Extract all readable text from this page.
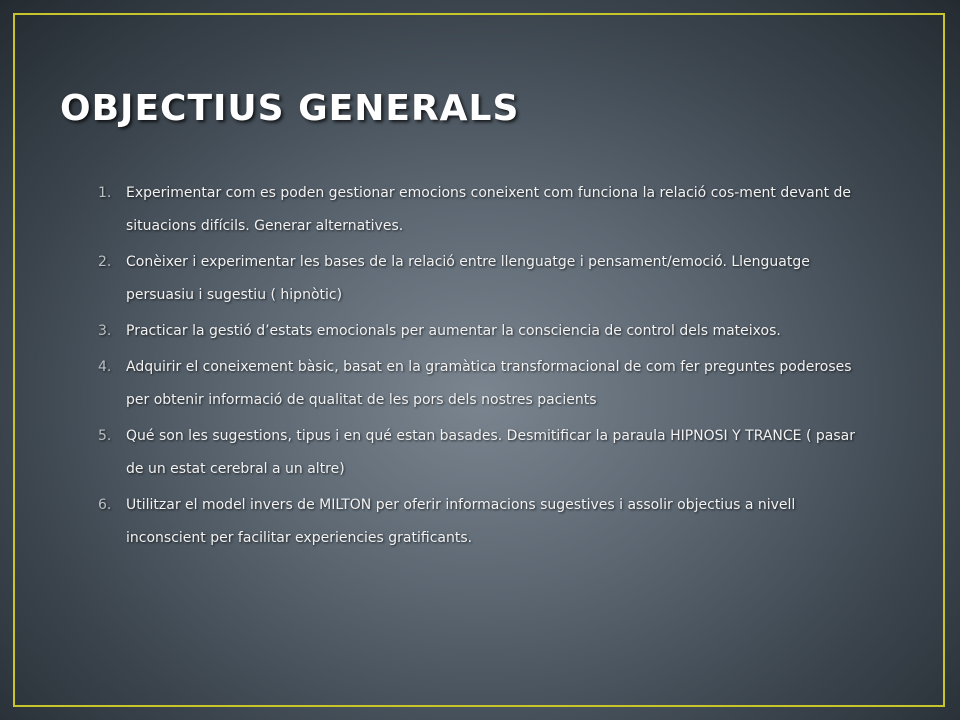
OBJECTIUS GENERALS
1. Experimentar com es poden gestionar emocions coneixent com funciona la relació cos-ment devant de situacions difícils. Generar alternatives.
2. Conèixer i experimentar les bases de la relació entre llenguatge i pensament/emoció. Llenguatge persuasiu i sugestiu ( hipnòtic)
3. Practicar la gestió d’estats emocionals per aumentar la consciencia de control dels mateixos.
4. Adquirir el coneixement bàsic, basat en la gramàtica transformacional de com fer preguntes poderoses per obtenir informació de qualitat de les pors dels nostres pacients
5. Qué son les sugestions, tipus i en qué estan basades. Desmitificar la paraula HIPNOSI Y TRANCE ( pasar de un estat cerebral a un altre)
6. Utilitzar el model invers de MILTON per oferir informacions sugestives i assolir objectius a nivell inconscient per facilitar experiencies gratificants.
